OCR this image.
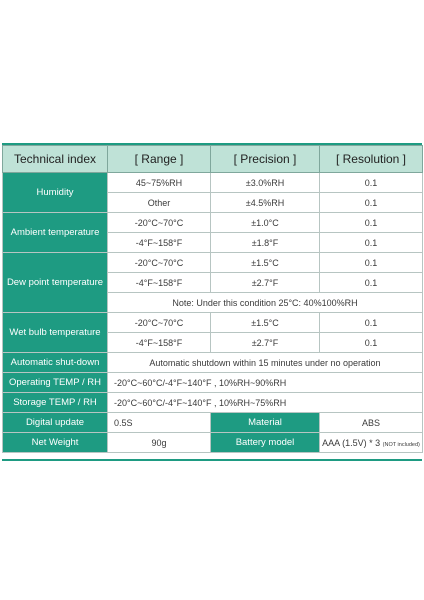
Technical index	[ Range ]	[ Precision ]	[ Resolution ]
Humidity	45~75%RH	±3.0%RH	0.1
	Other	±4.5%RH	0.1
Ambient temperature	-20°C~70°C	±1.0°C	0.1
	-4°F~158°F	±1.8°F	0.1
Dew point temperature	-20°C~70°C	±1.5°C	0.1
	-4°F~158°F	±2.7°F	0.1
	Note: Under this condition 25°C: 40%100%RH		
Wet bulb temperature	-20°C~70°C	±1.5°C	0.1
	-4°F~158°F	±2.7°F	0.1
Automatic shut-down	Automatic shutdown within 15 minutes under no operation		
Operating TEMP / RH	-20°C~60°C/-4°F~140°F , 10%RH~90%RH		
Storage TEMP / RH	-20°C~60°C/-4°F~140°F , 10%RH~75%RH		
Digital update	0.5S	Material	ABS
Net Weight	90g	Battery model	AAA (1.5V) * 3 (NOT included)
